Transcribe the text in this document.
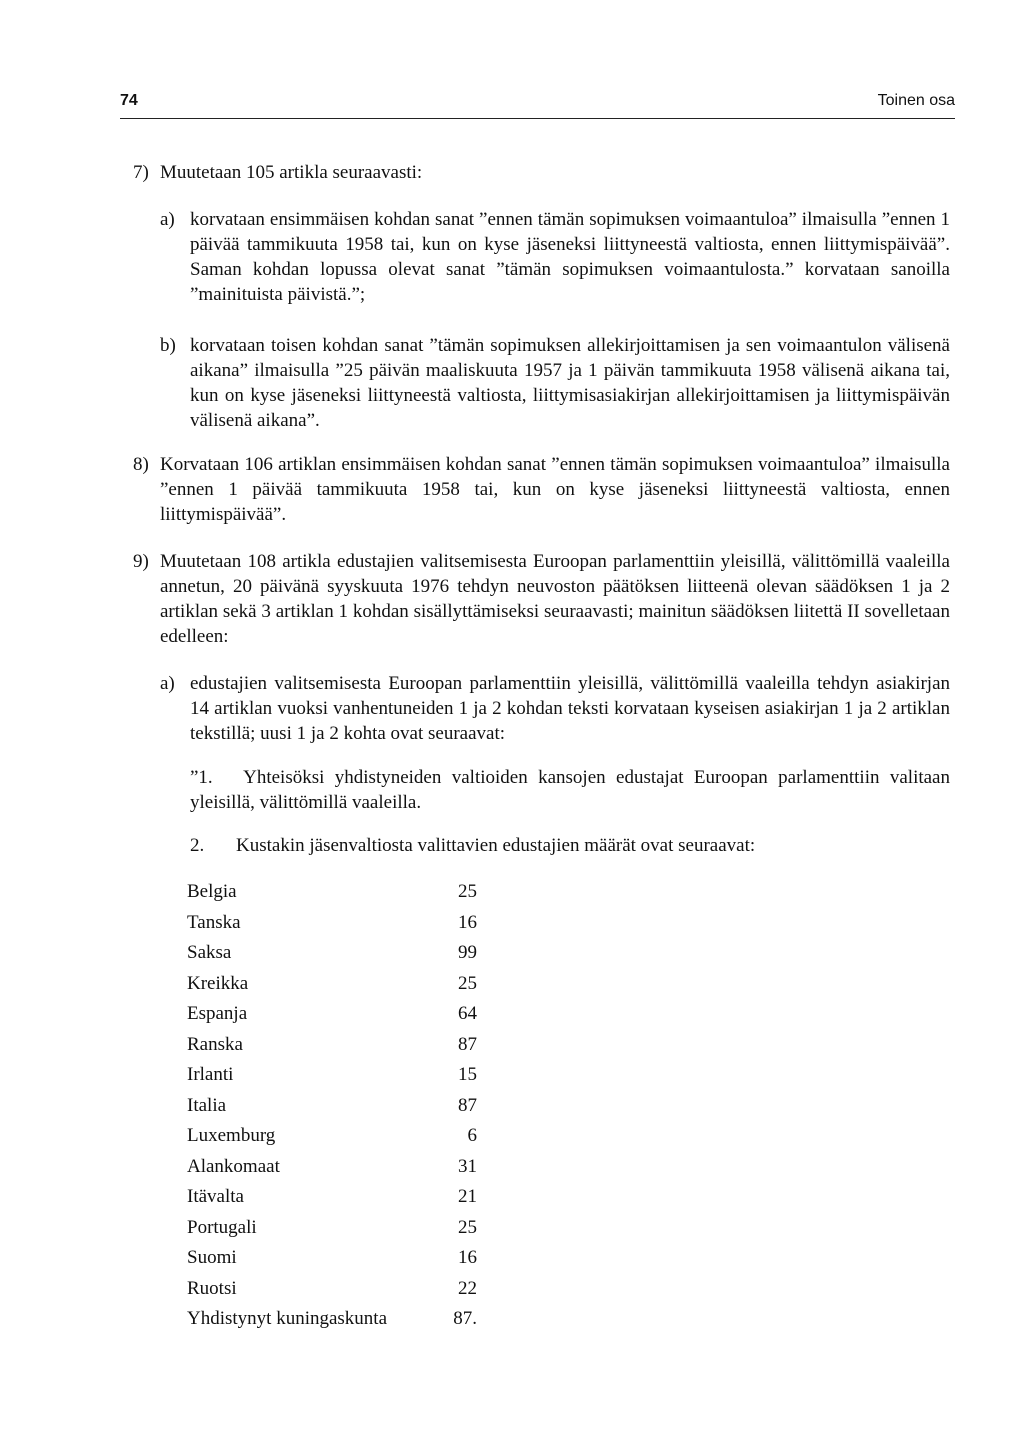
74	Toinen osa
7) Muutetaan 105 artikla seuraavasti:

a) korvataan ensimmäisen kohdan sanat ”ennen tämän sopimuksen voimaantuloa” ilmaisulla ”ennen 1 päivää tammikuuta 1958 tai, kun on kyse jäseneksi liittyneestä valtiosta, ennen liittymispäivää”. Saman kohdan lopussa olevat sanat ”tämän sopimuksen voimaantulosta.” korvataan sanoilla ”mainituista päivistä.”;

b) korvataan toisen kohdan sanat ”tämän sopimuksen allekirjoittamisen ja sen voimaantulon välisenä aikana” ilmaisulla ”25 päivän maaliskuuta 1957 ja 1 päivän tammikuuta 1958 välisenä aikana tai, kun on kyse jäseneksi liittyneestä valtiosta, liittymisasiakirjan allekirjoittamisen ja liittymispäivän välisenä aikana”.

8) Korvataan 106 artiklan ensimmäisen kohdan sanat ”ennen tämän sopimuksen voimaantuloa” ilmaisulla ”ennen 1 päivää tammikuuta 1958 tai, kun on kyse jäseneksi liittyneestä valtiosta, ennen liittymispäivää”.

9) Muutetaan 108 artikla edustajien valitsemisesta Euroopan parlamenttiin yleisillä, välittömillä vaaleilla annetun, 20 päivänä syyskuuta 1976 tehdyn neuvoston päätöksen liitteenä olevan säädöksen 1 ja 2 artiklan sekä 3 artiklan 1 kohdan sisällyttämiseksi seuraavasti; mainitun säädöksen liitettä II sovelletaan edelleen:

a) edustajien valitsemisesta Euroopan parlamenttiin yleisillä, välittömillä vaaleilla tehdyn asiakirjan 14 artiklan vuoksi vanhentuneiden 1 ja 2 kohdan teksti korvataan kyseisen asiakirjan 1 ja 2 artiklan tekstillä; uusi 1 ja 2 kohta ovat seuraavat:

”1.   Yhteisöksi yhdistyneiden valtioiden kansojen edustajat Euroopan parlamenttiin valitaan yleisillä, välittömillä vaaleilla.

2. Kustakin jäsenvaltiosta valittavien edustajien määrät ovat seuraavat:

Belgia	25
Tanska	16
Saksa	99
Kreikka	25
Espanja	64
Ranska	87
Irlanti	15
Italia	87
Luxemburg	6
Alankomaat	31
Itävalta	21
Portugali	25
Suomi	16
Ruotsi	22
Yhdistynyt kuningaskunta	87.
